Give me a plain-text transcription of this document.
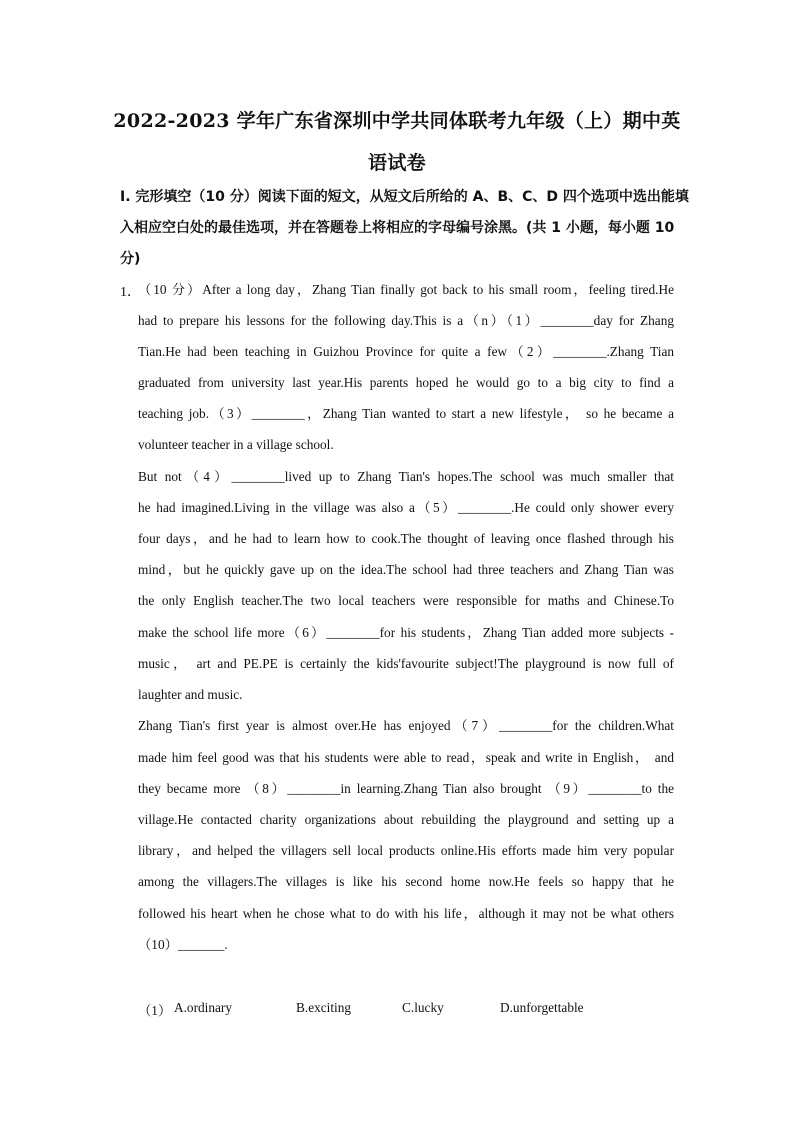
2022-2023 学年广东省深圳中学共同体联考九年级（上）期中英
语试卷
I. 完形填空（10 分）阅读下面的短文，从短文后所给的 A、B、C、D 四个选项中选出能填
入相应空白处的最佳选项，并在答题卷上将相应的字母编号涂黑。(共 1 小题，每小题 10
分)
1．
（10 分）After a long day，Zhang Tian finally got back to his small room，feeling tired.He
had to prepare his lessons for the following day.This is a（n）（1）________day for Zhang
Tian.He had been teaching in Guizhou Province for quite a few（2）________.Zhang Tian
graduated from university last year.His parents hoped he would go to a big city to find a
teaching job.（3）________，Zhang Tian wanted to start a new lifestyle， so he became a
volunteer teacher in a village school.
But not（4）________lived up to Zhang Tian's hopes.The school was much smaller that
he had imagined.Living in the village was also a（5）________.He could only shower every
four days，and he had to learn how to cook.The thought of leaving once flashed through his
mind，but he quickly gave up on the idea.The school had three teachers and Zhang Tian was
the only English teacher.The two local teachers were responsible for maths and Chinese.To
make the school life more（6）________for his students，Zhang Tian added more subjects -
music， art and PE.PE is certainly the kids'favourite subject!The playground is now full of
laughter and music.
Zhang Tian's first year is almost over.He has enjoyed（7）________for the children.What
made him feel good was that his students were able to read，speak and write in English， and
they became more （8）________in learning.Zhang Tian also brought （9）________to the
village.He contacted charity organizations about rebuilding the playground and setting up a
library，and helped the villagers sell local products online.His efforts made him very popular
among the villagers.The villages is like his second home now.He feels so happy that he
followed his heart when he chose what to do with his life，although it may not be what others
（10）_______.
（1） A.ordinary	B.exciting	C.lucky	D.unforgettable
